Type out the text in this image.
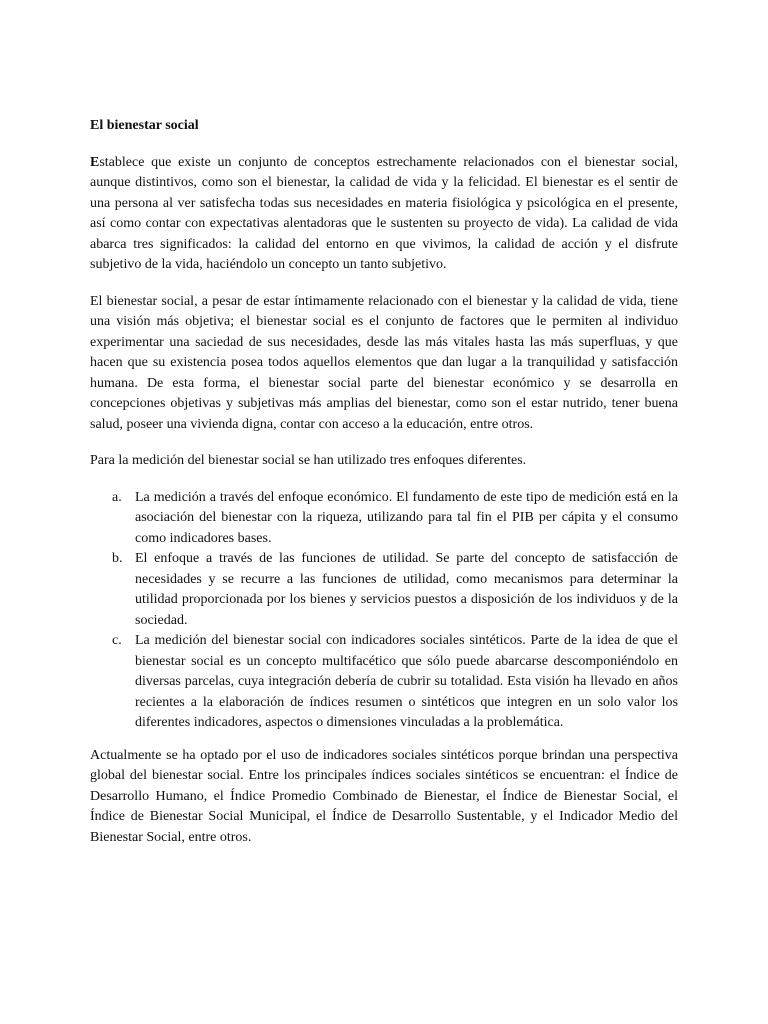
El bienestar social

Establece que existe un conjunto de conceptos estrechamente relacionados con el bienestar social, aunque distintivos, como son el bienestar, la calidad de vida y la felicidad. El bienestar es el sentir de una persona al ver satisfecha todas sus necesidades en materia fisiológica y psicológica en el presente, así como contar con expectativas alentadoras que le sustenten su proyecto de vida). La calidad de vida abarca tres significados: la calidad del entorno en que vivimos, la calidad de acción y el disfrute subjetivo de la vida, haciéndolo un concepto un tanto subjetivo.

El bienestar social, a pesar de estar íntimamente relacionado con el bienestar y la calidad de vida, tiene una visión más objetiva; el bienestar social es el conjunto de factores que le permiten al individuo experimentar una saciedad de sus necesidades, desde las más vitales hasta las más superfluas, y que hacen que su existencia posea todos aquellos elementos que dan lugar a la tranquilidad y satisfacción humana. De esta forma, el bienestar social parte del bienestar económico y se desarrolla en concepciones objetivas y subjetivas más amplias del bienestar, como son el estar nutrido, tener buena salud, poseer una vivienda digna, contar con acceso a la educación, entre otros.

Para la medición del bienestar social se han utilizado tres enfoques diferentes.

a. La medición a través del enfoque económico. El fundamento de este tipo de medición está en la asociación del bienestar con la riqueza, utilizando para tal fin el PIB per cápita y el consumo como indicadores bases.
b. El enfoque a través de las funciones de utilidad. Se parte del concepto de satisfacción de necesidades y se recurre a las funciones de utilidad, como mecanismos para determinar la utilidad proporcionada por los bienes y servicios puestos a disposición de los individuos y de la sociedad.
c. La medición del bienestar social con indicadores sociales sintéticos. Parte de la idea de que el bienestar social es un concepto multifacético que sólo puede abarcarse descomponiéndolo en diversas parcelas, cuya integración debería de cubrir su totalidad. Esta visión ha llevado en años recientes a la elaboración de índices resumen o sintéticos que integren en un solo valor los diferentes indicadores, aspectos o dimensiones vinculadas a la problemática.

Actualmente se ha optado por el uso de indicadores sociales sintéticos porque brindan una perspectiva global del bienestar social. Entre los principales índices sociales sintéticos se encuentran: el Índice de Desarrollo Humano, el Índice Promedio Combinado de Bienestar, el Índice de Bienestar Social, el Índice de Bienestar Social Municipal, el Índice de Desarrollo Sustentable, y el Indicador Medio del Bienestar Social, entre otros.
